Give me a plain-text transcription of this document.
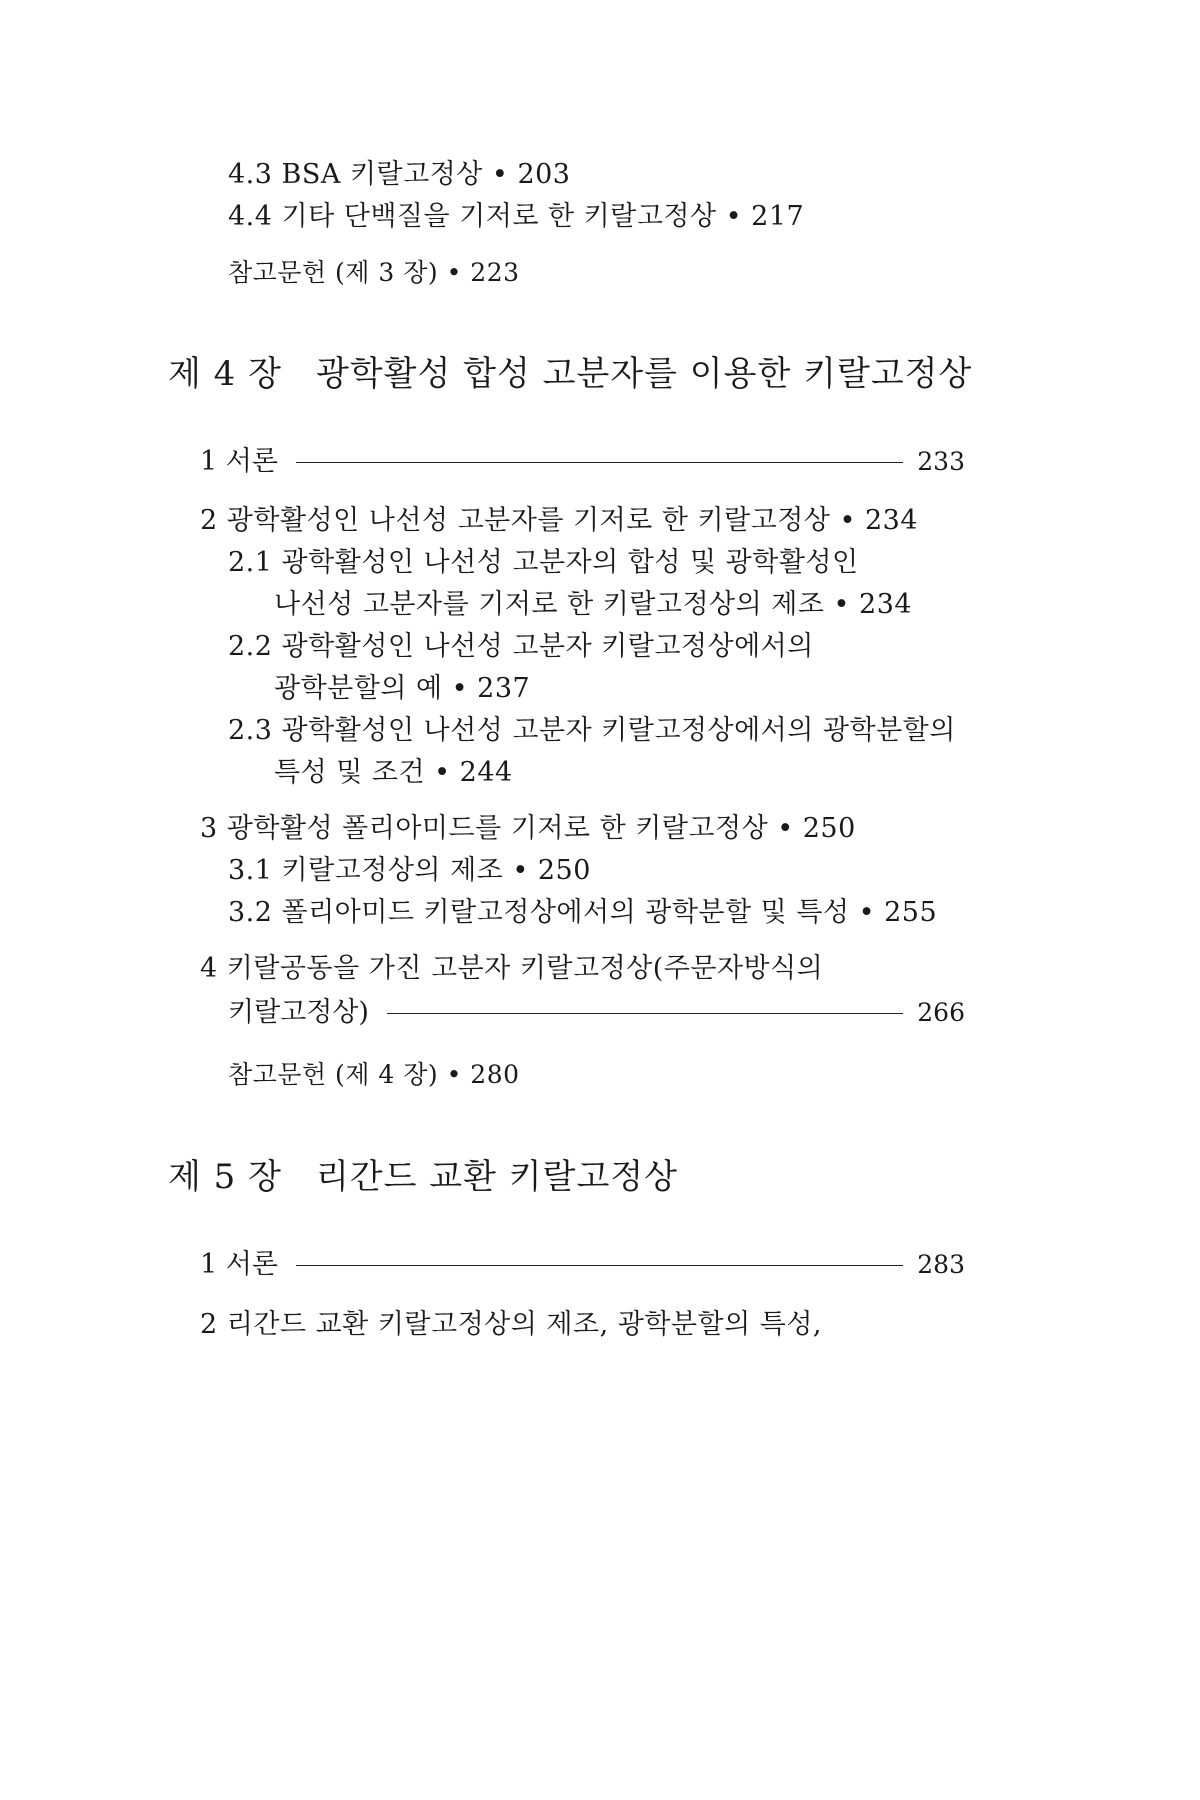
4.3 BSA 키랄고정상 • 203
4.4 기타 단백질을 기저로 한 키랄고정상 • 217
참고문헌 (제 3 장) • 223
제 4 장 광학활성 합성 고분자를 이용한 키랄고정상
1 서론	233
2 광학활성인 나선성 고분자를 기저로 한 키랄고정상 • 234
2.1 광학활성인 나선성 고분자의 합성 및 광학활성인
나선성 고분자를 기저로 한 키랄고정상의 제조 • 234
2.2 광학활성인 나선성 고분자 키랄고정상에서의
광학분할의 예 • 237
2.3 광학활성인 나선성 고분자 키랄고정상에서의 광학분할의
특성 및 조건 • 244
3 광학활성 폴리아미드를 기저로 한 키랄고정상 • 250
3.1 키랄고정상의 제조 • 250
3.2 폴리아미드 키랄고정상에서의 광학분할 및 특성 • 255
4 키랄공동을 가진 고분자 키랄고정상(주문자방식의
키랄고정상)	266
참고문헌 (제 4 장) • 280
제 5 장 리간드 교환 키랄고정상
1 서론	283
2 리간드 교환 키랄고정상의 제조, 광학분할의 특성,
